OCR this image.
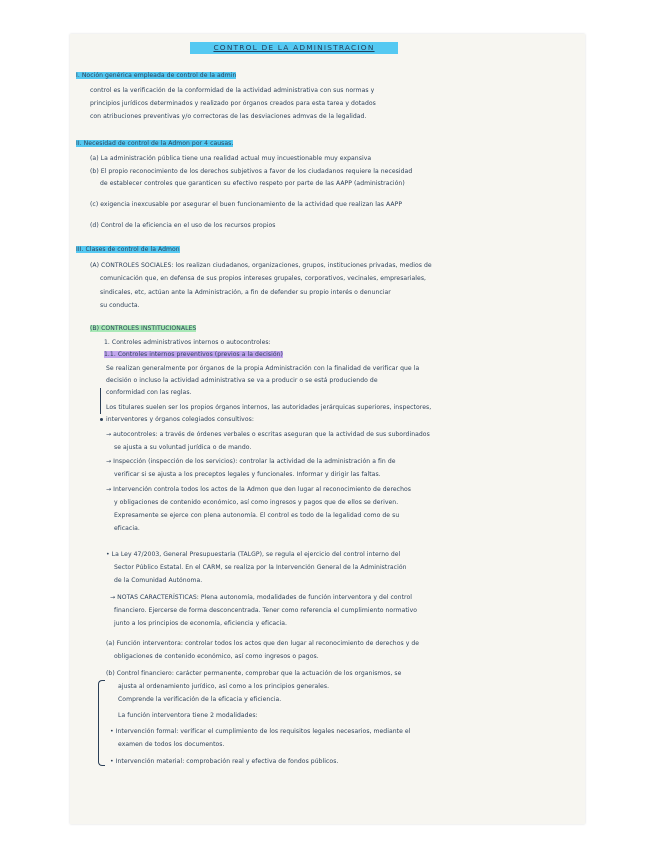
CONTROL DE LA ADMINISTRACION
I. Noción genérica empleada de control de la admin
control es la verificación de la conformidad de la actividad administrativa con sus normas y
principios jurídicos determinados y realizado por órganos creados para esta tarea y dotados
con atribuciones preventivas y/o correctoras de las desviaciones admvas de la legalidad.
II. Necesidad de control de la Admon por 4 causas.
(a) La administración pública tiene una realidad actual muy incuestionable muy expansiva
(b) El propio reconocimiento de los derechos subjetivos a favor de los ciudadanos requiere la necesidad
de establecer controles que garanticen su efectivo respeto por parte de las AAPP (administración)
(c) exigencia inexcusable por asegurar el buen funcionamiento de la actividad que realizan las AAPP
(d) Control de la eficiencia en el uso de los recursos propios
III. Clases de control de la Admon
(A) CONTROLES SOCIALES: los realizan ciudadanos, organizaciones, grupos, instituciones privadas, medios de
comunicación que, en defensa de sus propios intereses grupales, corporativos, vecinales, empresariales,
sindicales, etc, actúan ante la Administración, a fin de defender su propio interés o denunciar
su conducta.
(B) CONTROLES INSTITUCIONALES
1. Controles administrativos internos o autocontroles:
1.1. Controles internos preventivos (previos a la decisión)
Se realizan generalmente por órganos de la propia Administración con la finalidad de verificar que la
decisión o incluso la actividad administrativa se va a producir o se está produciendo de
conformidad con las reglas.
Los titulares suelen ser los propios órganos internos, las autoridades jerárquicas superiores, inspectores,
interventores y órganos colegiados consultivos:
→ autocontroles: a través de órdenes verbales o escritas aseguran que la actividad de sus subordinados
se ajusta a su voluntad jurídica o de mando.
→ Inspección (inspección de los servicios): controlar la actividad de la administración a fin de
verificar si se ajusta a los preceptos legales y funcionales. Informar y dirigir las faltas.
→ Intervención controla todos los actos de la Admon que den lugar al reconocimiento de derechos
y obligaciones de contenido económico, así como ingresos y pagos que de ellos se deriven.
Expresamente se ejerce con plena autonomía. El control es todo de la legalidad como de su
eficacia.
• La Ley 47/2003, General Presupuestaria (TALGP), se regula el ejercicio del control interno del
Sector Público Estatal. En el CARM, se realiza por la Intervención General de la Administración
de la Comunidad Autónoma.
→ NOTAS CARACTERÍSTICAS: Plena autonomía, modalidades de función interventora y del control
financiero. Ejercerse de forma desconcentrada. Tener como referencia el cumplimiento normativo
junto a los principios de economía, eficiencia y eficacia.
(a) Función interventora: controlar todos los actos que den lugar al reconocimiento de derechos y de
obligaciones de contenido económico, así como ingresos o pagos.
(b) Control financiero: carácter permanente, comprobar que la actuación de los organismos, se
ajusta al ordenamiento jurídico, así como a los principios generales.
Comprende la verificación de la eficacia y eficiencia.
La función interventora tiene 2 modalidades:
• Intervención formal: verificar el cumplimiento de los requisitos legales necesarios, mediante el
examen de todos los documentos.
• Intervención material: comprobación real y efectiva de fondos públicos.
